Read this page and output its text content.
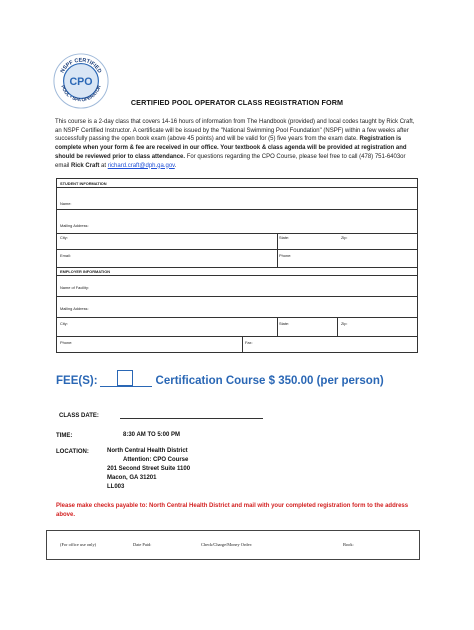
NSPF CERTIFIED
POOL • SPA OPERATOR
CPO
CERTIFIED POOL OPERATOR CLASS REGISTRATION FORM
This course is a 2-day class that covers 14-16 hours of information from The Handbook (provided) and local codes taught by Rick Craft, an NSPF Certified Instructor. A certificate will be issued by the "National Swimming Pool Foundation" (NSPF) within a few weeks after successfully passing the open book exam (above 45 points) and will be valid for (5) five years from the exam date. Registration is complete when your form & fee are received in our office. Your textbook & class agenda will be provided at registration and should be reviewed prior to class attendance. For questions regarding the CPO Course, please feel free to call (478) 751-6403or email Rick Craft at richard.craft@dph.ga.gov.
STUDENT INFORMATION
Name:
Mailing Address:
City:	State:	Zip:
Email:	Phone:
EMPLOYER INFORMATION
Name of Facility:
Mailing Address:
City:	State:	Zip:
Phone:	Fax:
FEE(S):	Certification Course $ 350.00 (per person)
CLASS DATE:
TIME:	8:30 AM TO 5:00 PM
LOCATION:	North Central Health District
Attention: CPO Course
201 Second Street Suite 1100
Macon, GA 31201
LL003
Please make checks payable to: North Central Health District and mail with your completed registration form to the address above.
(For office use only)	Date Paid:	Check/Charge/Money Order:	Book:
